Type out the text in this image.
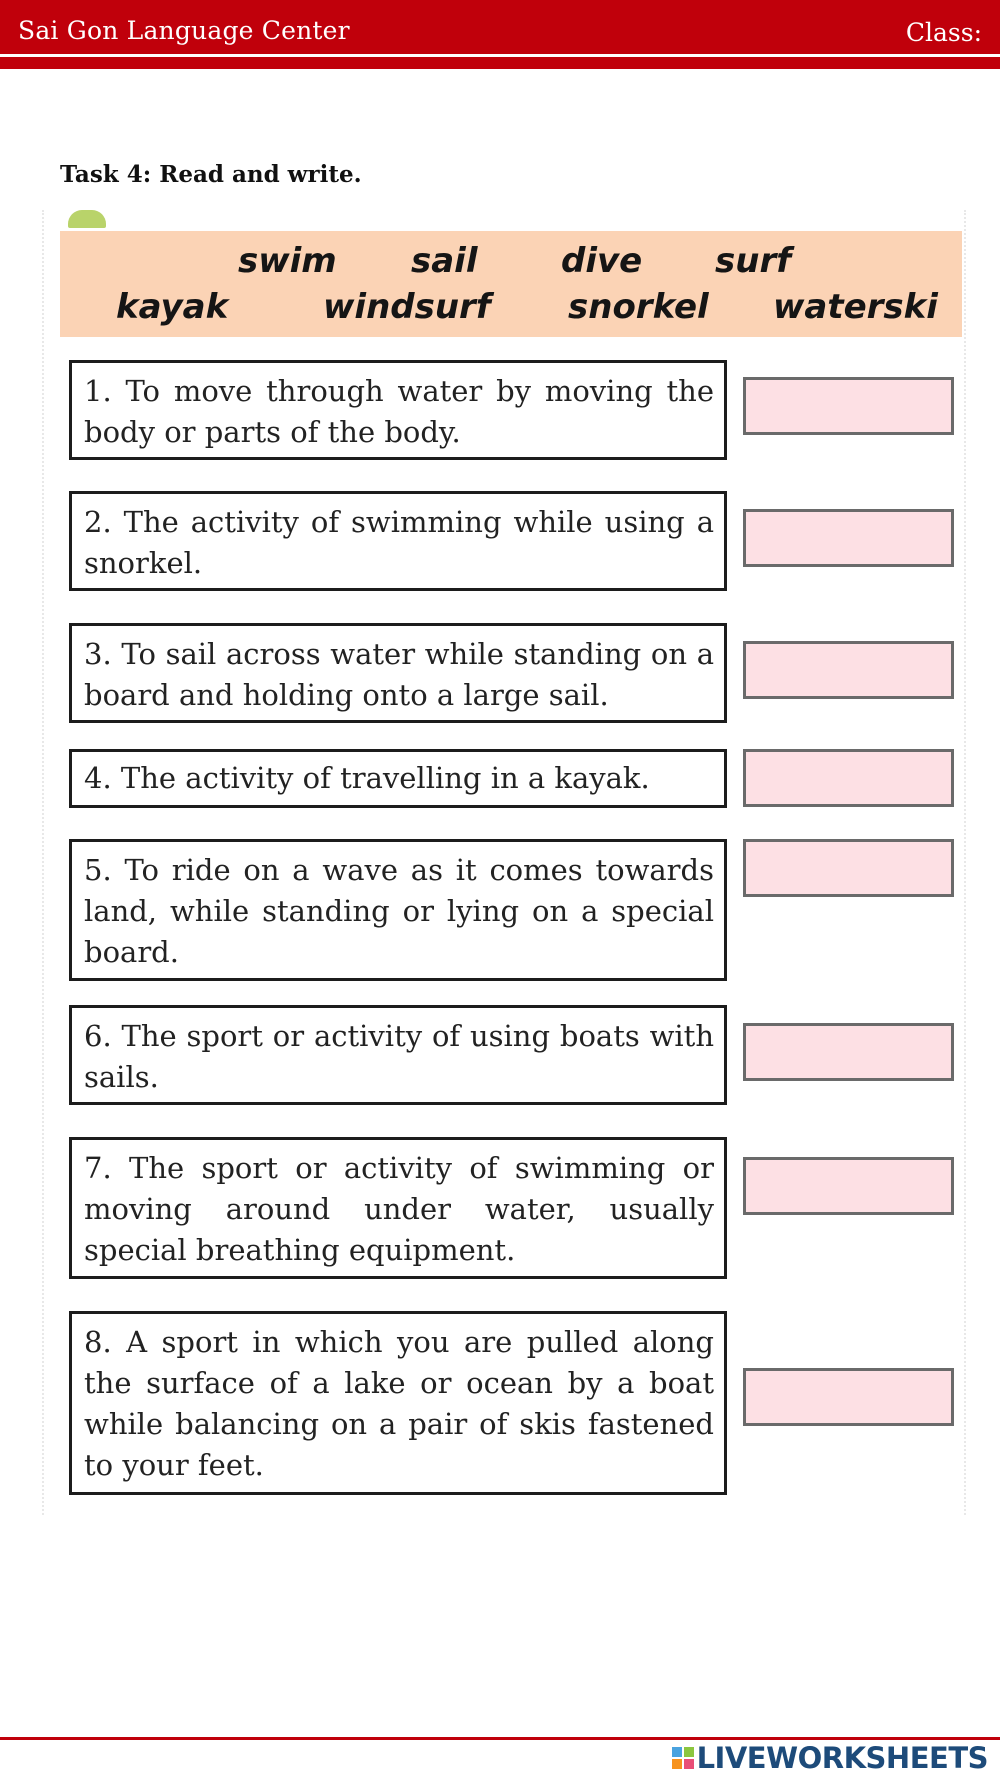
Sai Gon Language Center	Class:
Task 4: Read and write.
swim sail dive surf
kayak	windsurf snorkel waterski
1. To move through water by moving the body or parts of the body.
2. The activity of swimming while using a snorkel.
3. To sail across water while standing on a board and holding onto a large sail.
4. The activity of travelling in a kayak.
5. To ride on a wave as it comes towards land, while standing or lying on a special board.
6. The sport or activity of using boats with sails.
7. The sport or activity of swimming or moving around under water, usually special breathing equipment.
8. A sport in which you are pulled along the surface of a lake or ocean by a boat while balancing on a pair of skis fastened to your feet.
LIVEWORKSHEETS
